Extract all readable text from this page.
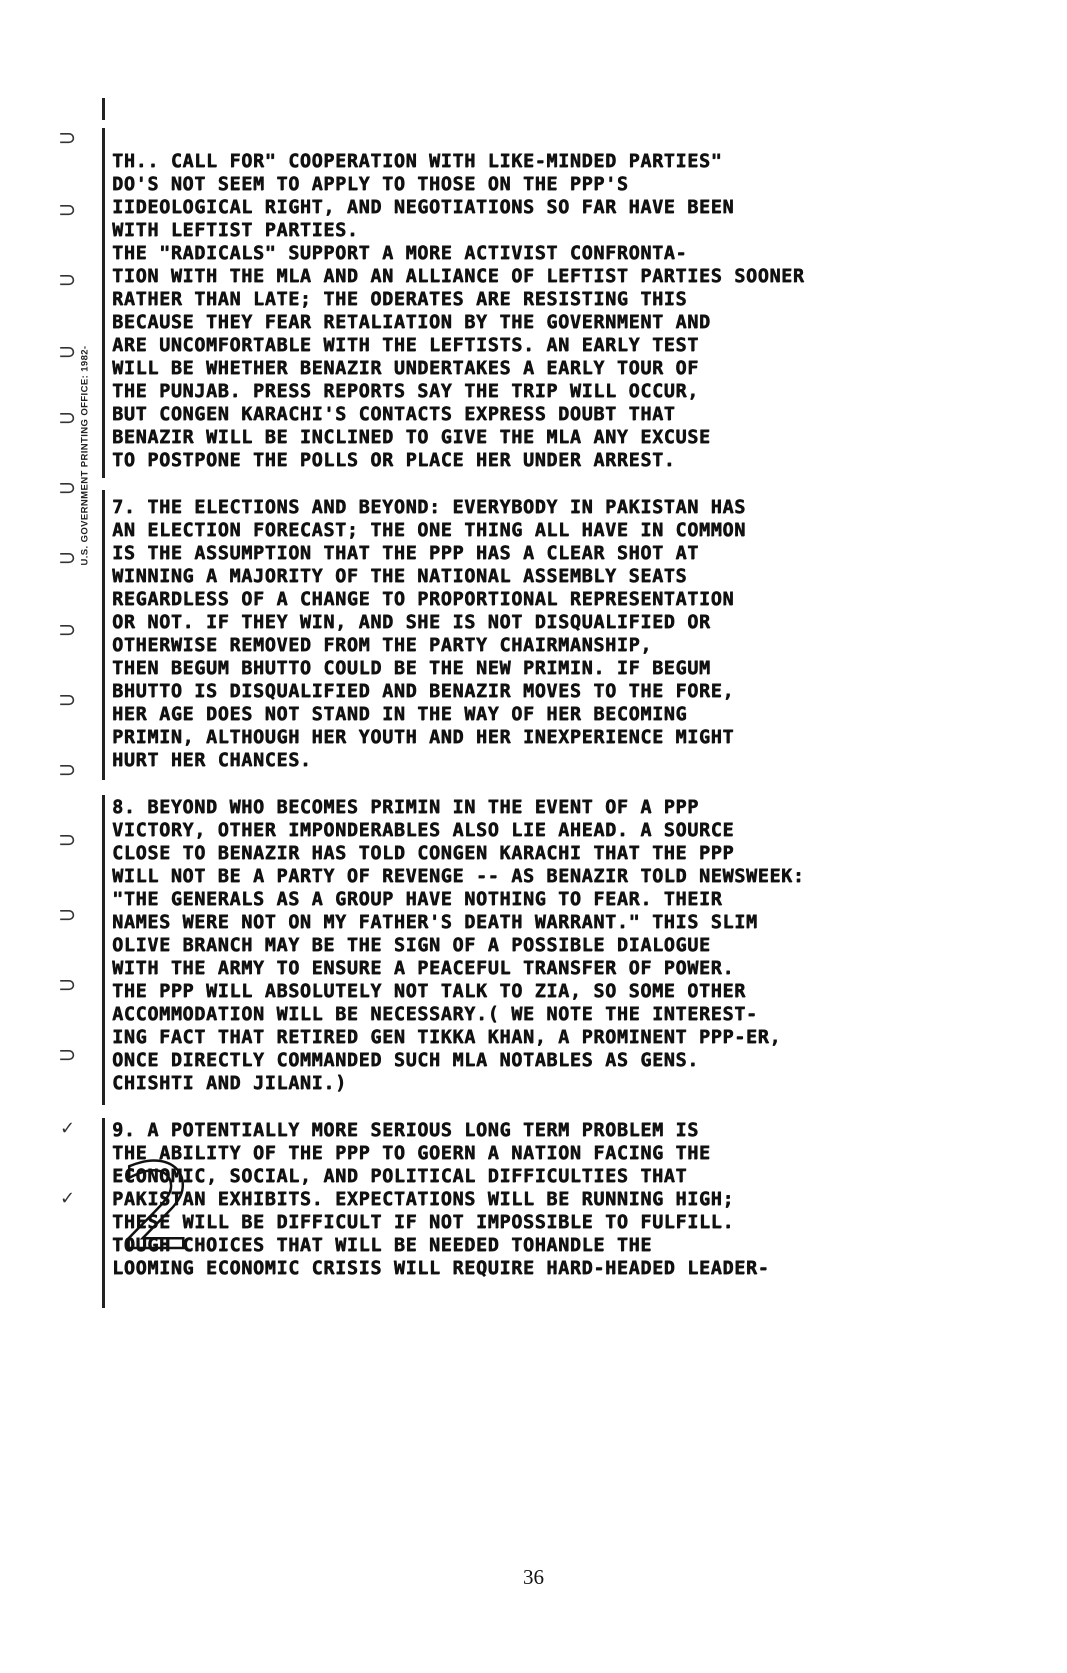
⊃
⊃
⊃
⊃
⊃
⊃
⊃
⊃
⊃
⊃
⊃
⊃
⊃
⊃
✓
✓
U.S. GOVERNMENT PRINTING OFFICE: 1982-
TH.. CALL FOR" COOPERATION WITH LIKE-MINDED PARTIES"
DO'S NOT SEEM TO APPLY TO THOSE ON THE PPP'S
IIDEOLOGICAL RIGHT, AND NEGOTIATIONS SO FAR HAVE BEEN
WITH LEFTIST PARTIES.
THE "RADICALS" SUPPORT A MORE ACTIVIST CONFRONTA-
TION WITH THE MLA AND AN ALLIANCE OF LEFTIST PARTIES SOONER
RATHER THAN LATE; THE ODERATES ARE RESISTING THIS
BECAUSE THEY FEAR RETALIATION BY THE GOVERNMENT AND
ARE UNCOMFORTABLE WITH THE LEFTISTS. AN EARLY TEST
WILL BE WHETHER BENAZIR UNDERTAKES A EARLY TOUR OF
THE PUNJAB. PRESS REPORTS SAY THE TRIP WILL OCCUR,
BUT CONGEN KARACHI'S CONTACTS EXPRESS DOUBT THAT
BENAZIR WILL BE INCLINED TO GIVE THE MLA ANY EXCUSE
TO POSTPONE THE POLLS OR PLACE HER UNDER ARREST.
7. THE ELECTIONS AND BEYOND: EVERYBODY IN PAKISTAN HAS
AN ELECTION FORECAST; THE ONE THING ALL HAVE IN COMMON
IS THE ASSUMPTION THAT THE PPP HAS A CLEAR SHOT AT
WINNING A MAJORITY OF THE NATIONAL ASSEMBLY SEATS
REGARDLESS OF A CHANGE TO PROPORTIONAL REPRESENTATION
OR NOT. IF THEY WIN, AND SHE IS NOT DISQUALIFIED OR
OTHERWISE REMOVED FROM THE PARTY CHAIRMANSHIP,
THEN BEGUM BHUTTO COULD BE THE NEW PRIMIN. IF BEGUM
BHUTTO IS DISQUALIFIED AND BENAZIR MOVES TO THE FORE,
HER AGE DOES NOT STAND IN THE WAY OF HER BECOMING
PRIMIN, ALTHOUGH HER YOUTH AND HER INEXPERIENCE MIGHT
HURT HER CHANCES.
8. BEYOND WHO BECOMES PRIMIN IN THE EVENT OF A PPP
VICTORY, OTHER IMPONDERABLES ALSO LIE AHEAD. A SOURCE
CLOSE TO BENAZIR HAS TOLD CONGEN KARACHI THAT THE PPP
WILL NOT BE A PARTY OF REVENGE -- AS BENAZIR TOLD NEWSWEEK:
"THE GENERALS AS A GROUP HAVE NOTHING TO FEAR. THEIR
NAMES WERE NOT ON MY FATHER'S DEATH WARRANT." THIS SLIM
OLIVE BRANCH MAY BE THE SIGN OF A POSSIBLE DIALOGUE
WITH THE ARMY TO ENSURE A PEACEFUL TRANSFER OF POWER.
THE PPP WILL ABSOLUTELY NOT TALK TO ZIA, SO SOME OTHER
ACCOMMODATION WILL BE NECESSARY.( WE NOTE THE INTEREST-
ING FACT THAT RETIRED GEN TIKKA KHAN, A PROMINENT PPP-ER,
ONCE DIRECTLY COMMANDED SUCH MLA NOTABLES AS GENS.
CHISHTI AND JILANI.)
9. A POTENTIALLY MORE SERIOUS LONG TERM PROBLEM IS
THE ABILITY OF THE PPP TO GOERN A NATION FACING THE
ECONOMIC, SOCIAL, AND POLITICAL DIFFICULTIES THAT
PAKISTAN EXHIBITS. EXPECTATIONS WILL BE RUNNING HIGH;
THESE WILL BE DIFFICULT IF NOT IMPOSSIBLE TO FULFILL.
TOUGH CHOICES THAT WILL BE NEEDED TOHANDLE THE
LOOMING ECONOMIC CRISIS WILL REQUIRE HARD-HEADED LEADER-
2
36
